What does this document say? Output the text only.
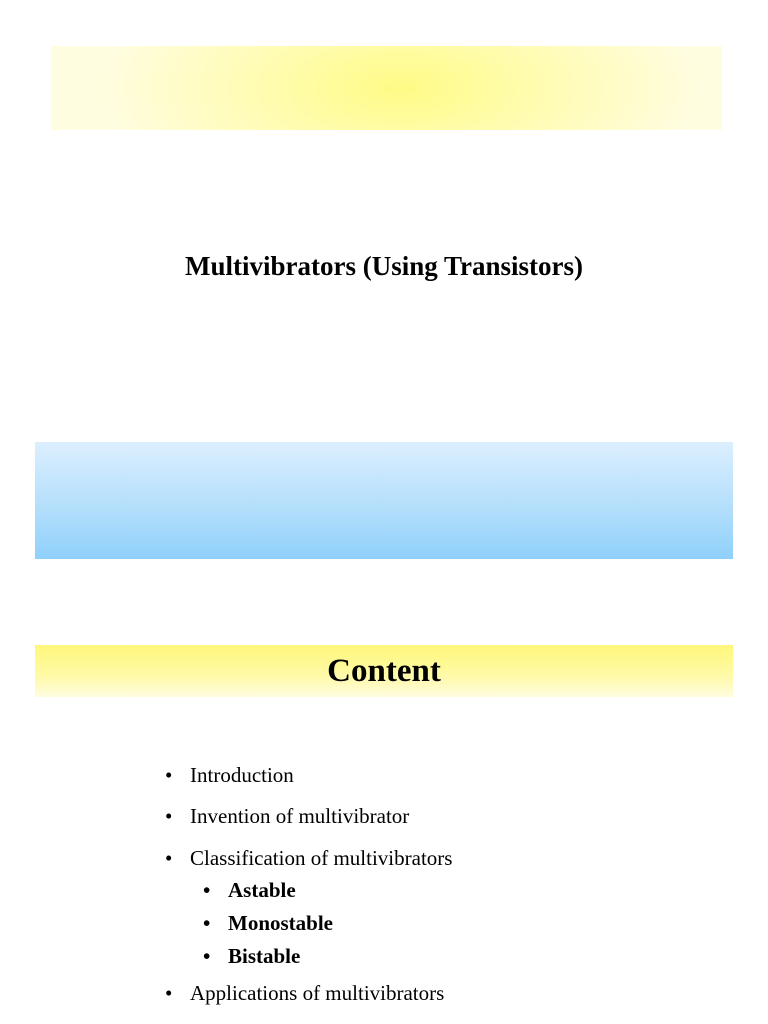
Multivibrators (Using Transistors)
Content
• Introduction
• Invention of multivibrator
• Classification of multivibrators
• Astable
• Monostable
• Bistable
• Applications of multivibrators
